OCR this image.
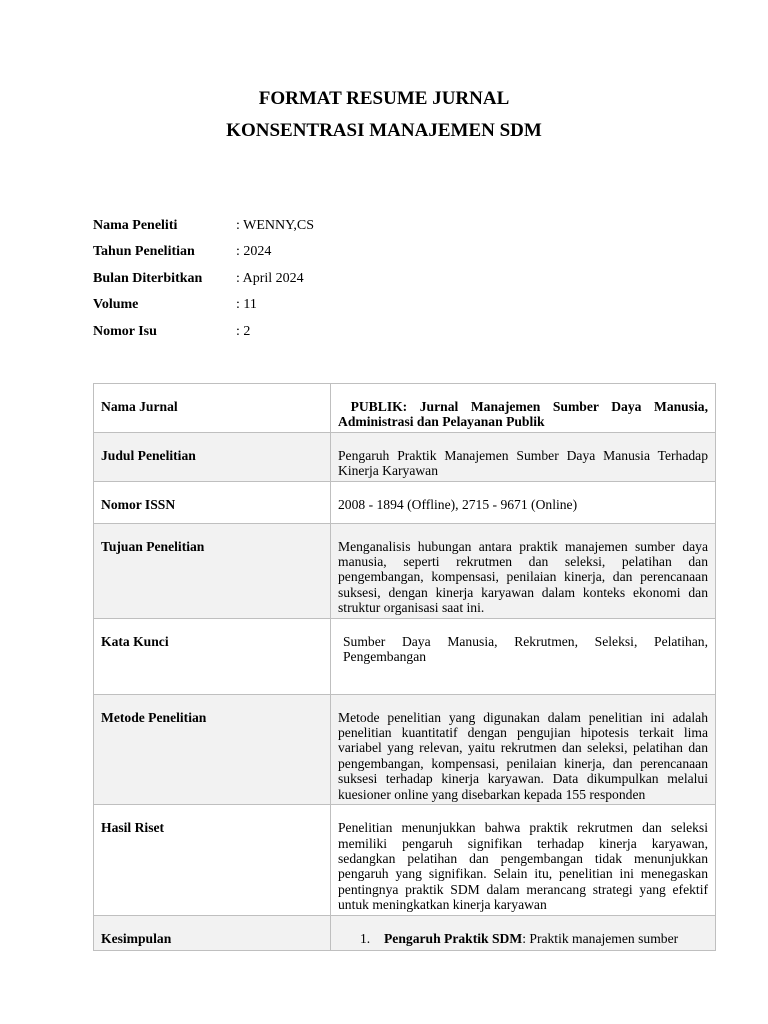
FORMAT RESUME JURNAL
KONSENTRASI MANAJEMEN SDM
Nama Peneliti	: WENNY,CS
Tahun Penelitian	: 2024
Bulan Diterbitkan : April 2024
Volume	: 11
Nomor Isu	: 2
Nama Jurnal	PUBLIK: Jurnal Manajemen Sumber Daya Manusia, Administrasi dan Pelayanan Publik
Judul Penelitian	Pengaruh Praktik Manajemen Sumber Daya Manusia Terhadap Kinerja Karyawan
Nomor ISSN	2008 - 1894 (Offline), 2715 - 9671 (Online)
Tujuan Penelitian	Menganalisis hubungan antara praktik manajemen sumber daya manusia, seperti rekrutmen dan seleksi, pelatihan dan pengembangan, kompensasi, penilaian kinerja, dan perencanaan suksesi, dengan kinerja karyawan dalam konteks ekonomi dan struktur organisasi saat ini.
Kata Kunci	Sumber Daya Manusia, Rekrutmen, Seleksi, Pelatihan, Pengembangan

Metode Penelitian	Metode penelitian yang digunakan dalam penelitian ini adalah penelitian kuantitatif dengan pengujian hipotesis terkait lima variabel yang relevan, yaitu rekrutmen dan seleksi, pelatihan dan pengembangan, kompensasi, penilaian kinerja, dan perencanaan suksesi terhadap kinerja karyawan. Data dikumpulkan melalui kuesioner online yang disebarkan kepada 155 responden
Hasil Riset	Penelitian menunjukkan bahwa praktik rekrutmen dan seleksi memiliki pengaruh signifikan terhadap kinerja karyawan, sedangkan pelatihan dan pengembangan tidak menunjukkan pengaruh yang signifikan. Selain itu, penelitian ini menegaskan pentingnya praktik SDM dalam merancang strategi yang efektif untuk meningkatkan kinerja karyawan
Kesimpulan	1. Pengaruh Praktik SDM: Praktik manajemen sumber
